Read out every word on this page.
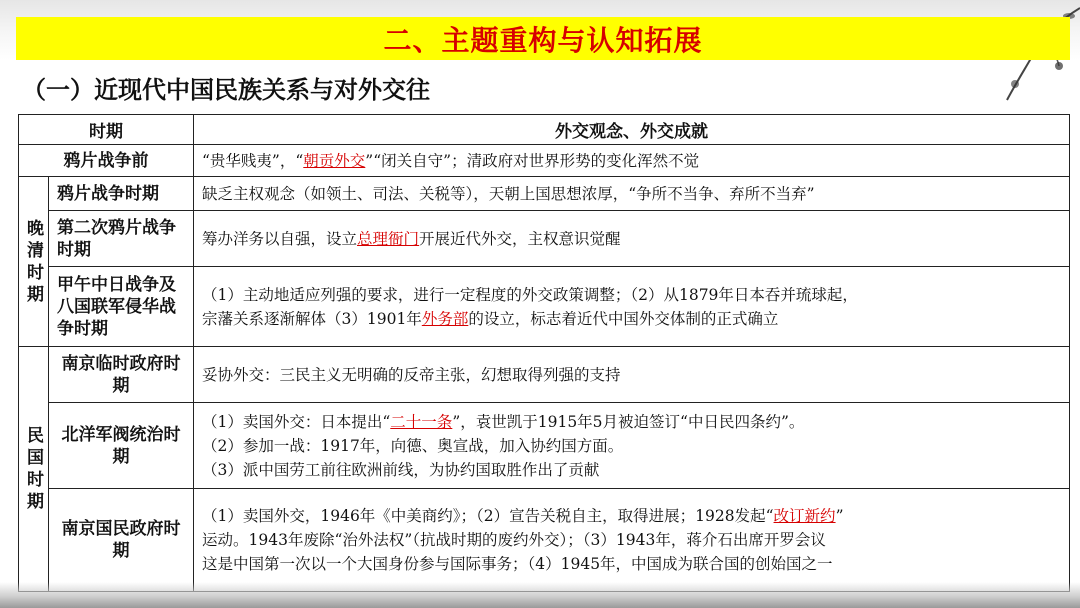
二、主题重构与认知拓展
（一）近现代中国民族关系与对外交往
时期		外交观念、外交成就
鸦片战争前		“贵华贱夷”，“朝贡外交”“闭关自守”；清政府对世界形势的变化浑然不觉
晚清时期	鸦片战争时期	缺乏主权观念（如领土、司法、关税等），天朝上国思想浓厚，“争所不当争、弃所不当弃”
	第二次鸦片战争时期	筹办洋务以自强，设立总理衙门开展近代外交，主权意识觉醒
	甲午中日战争及八国联军侵华战争时期	（1）主动地适应列强的要求，进行一定程度的外交政策调整；（2）从1879年日本吞并琉球起，
宗藩关系逐渐解体（3）1901年外务部的设立，标志着近代中国外交体制的正式确立

民国时期	南京临时政府时期	妥协外交：三民主义无明确的反帝主张，幻想取得列强的支持
	北洋军阀统治时期	（1）卖国外交：日本提出“二十一条”，袁世凯于1915年5月被迫签订“中日民四条约”。
（2）参加一战：1917年，向德、奥宣战，加入协约国方面。
（3）派中国劳工前往欧洲前线，为协约国取胜作出了贡献

	南京国民政府时期	（1）卖国外交，1946年《中美商约》；（2）宣告关税自主，取得进展；1928发起“改订新约”
运动。1943年废除“治外法权”（抗战时期的废约外交）；（3）1943年，蒋介石出席开罗会议
这是中国第一次以一个大国身份参与国际事务；（4）1945年，中国成为联合国的创始国之一
